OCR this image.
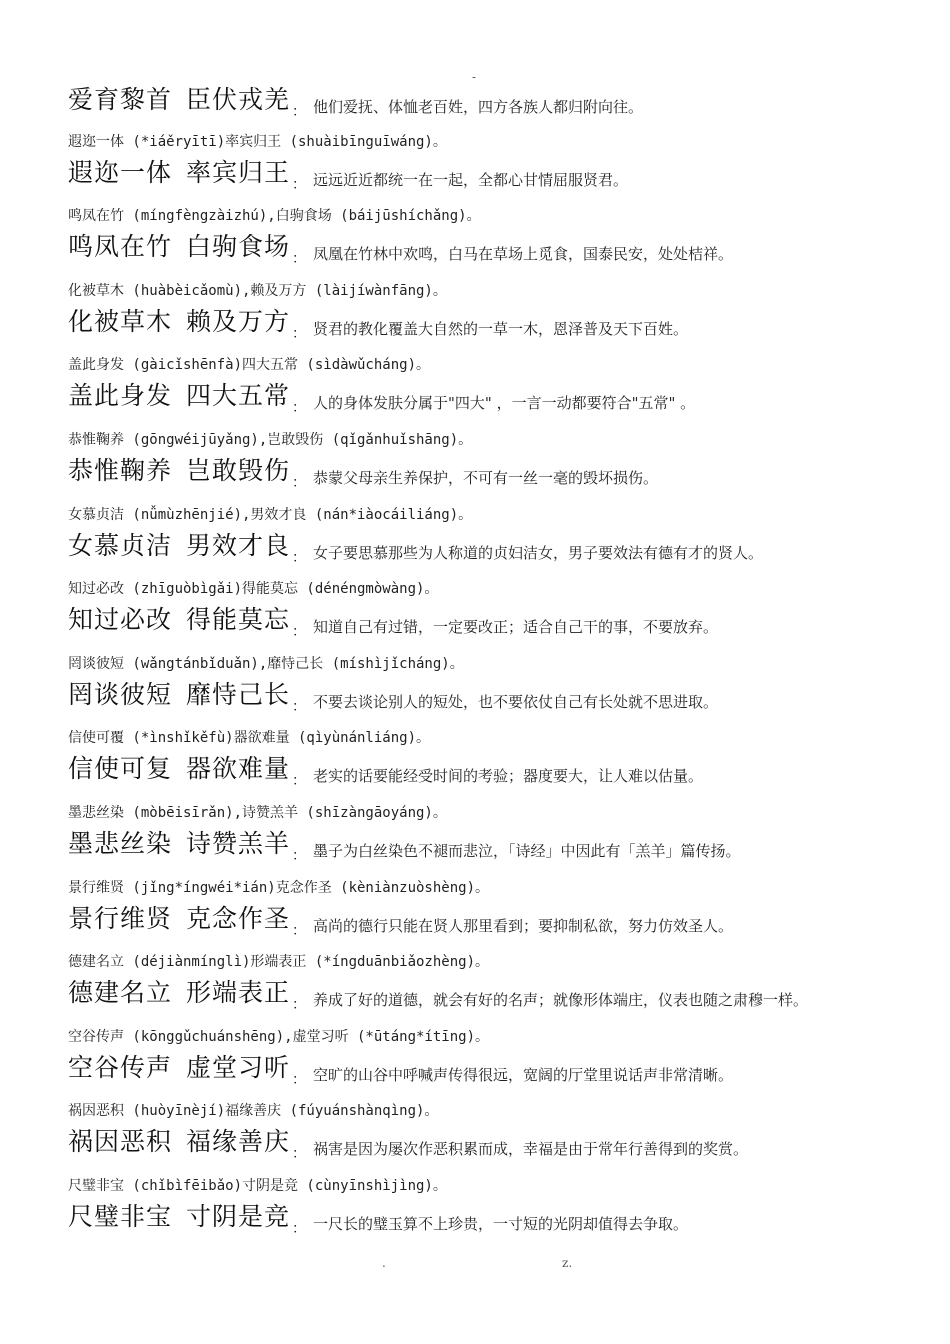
-
爱育黎首 臣伏戎羌 ： 他们爱抚、体恤老百姓，四方各族人都归附向往。
遐迩一体 (*iáěryītī)率宾归王 (shuàibīnguīwáng)。
遐迩一体 率宾归王 ： 远远近近都统一在一起，全都心甘情屈服贤君。
鸣凤在竹 (míngfèngzàizhú),白驹食场 (báijūshíchǎng)。
鸣凤在竹 白驹食场 ： 凤凰在竹林中欢鸣，白马在草场上觅食，国泰民安，处处桔祥。
化被草木 (huàbèicǎomù),赖及万方 (làijíwànfāng)。
化被草木 赖及万方 ： 贤君的教化覆盖大自然的一草一木，恩泽普及天下百姓。
盖此身发 (gàicǐshēnfà)四大五常 (sìdàwǔcháng)。
盖此身发 四大五常 ： 人的身体发肤分属于"四大" ，一言一动都要符合"五常" 。
恭惟鞠养 (gōngwéijūyǎng),岂敢毁伤 (qǐgǎnhuǐshāng)。
恭惟鞠养 岂敢毁伤 ： 恭蒙父母亲生养保护，不可有一丝一毫的毁坏损伤。
女慕贞洁 (nǚmùzhēnjié),男效才良 (nán*iàocáiliáng)。
女慕贞洁 男效才良 ： 女子要思慕那些为人称道的贞妇洁女，男子要效法有德有才的贤人。
知过必改 (zhīguòbìgǎi)得能莫忘 (dénéngmòwàng)。
知过必改 得能莫忘 ： 知道自己有过错，一定要改正；适合自己干的事，不要放弃。
罔谈彼短 (wǎngtánbǐduǎn),靡恃己长 (míshìjǐcháng)。
罔谈彼短 靡恃己长 ： 不要去谈论别人的短处，也不要依仗自己有长处就不思进取。
信使可覆 (*ìnshǐkěfù)器欲难量 (qìyùnánliáng)。
信使可复 器欲难量 ： 老实的话要能经受时间的考验；器度要大，让人难以估量。
墨悲丝染 (mòbēisīrǎn),诗赞羔羊 (shīzàngāoyáng)。
墨悲丝染 诗赞羔羊 ： 墨子为白丝染色不褪而悲泣，「诗经」中因此有「羔羊」篇传扬。
景行维贤 (jǐng*íngwéi*ián)克念作圣 (kèniànzuòshèng)。
景行维贤 克念作圣 ： 高尚的德行只能在贤人那里看到；要抑制私欲，努力仿效圣人。
德建名立 (déjiànmínglì)形端表正 (*íngduānbiǎozhèng)。
德建名立 形端表正 ： 养成了好的道德，就会有好的名声；就像形体端庄，仪表也随之肃穆一样。
空谷传声 (kōnggǔchuánshēng),虚堂习听 (*ūtáng*ítīng)。
空谷传声 虚堂习听 ： 空旷的山谷中呼喊声传得很远，宽阔的厅堂里说话声非常清晰。
祸因恶积 (huòyīnèjí)福缘善庆 (fúyuánshànqìng)。
祸因恶积 福缘善庆 ： 祸害是因为屡次作恶积累而成，幸福是由于常年行善得到的奖赏。
尺璧非宝 (chǐbìfēibǎo)寸阴是竞 (cùnyīnshìjìng)。
尺璧非宝 寸阴是竞 ： 一尺长的璧玉算不上珍贵，一寸短的光阴却值得去争取。
.	z.
